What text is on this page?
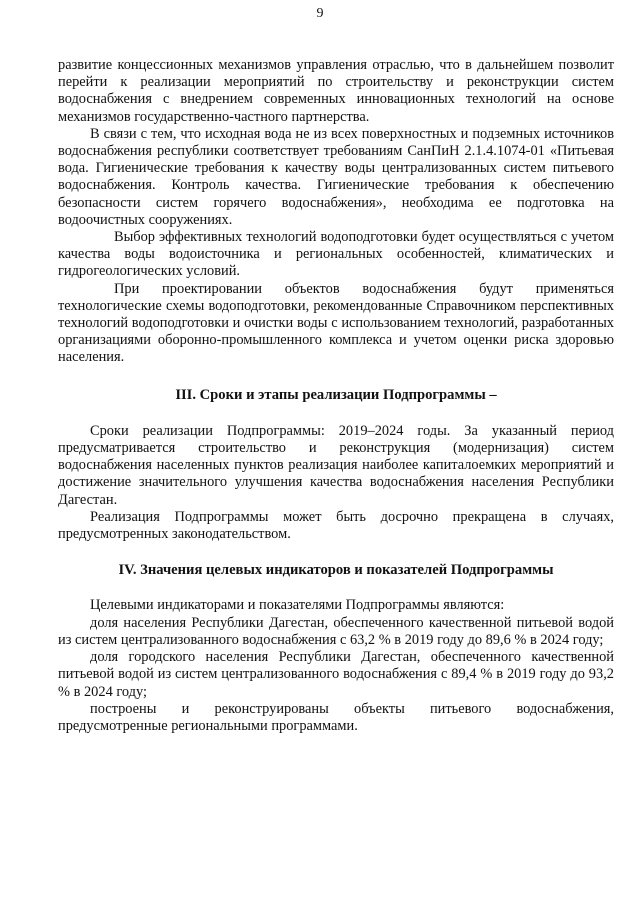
9

развитие концессионных механизмов управления отраслью, что в дальнейшем позволит перейти к реализации мероприятий по строительству и реконструкции систем водоснабжения с внедрением современных инновационных технологий на основе механизмов государственно-частного партнерства.

В связи с тем, что исходная вода не из всех поверхностных и подземных источников водоснабжения республики соответствует требованиям СанПиН 2.1.4.1074-01 «Питьевая вода. Гигиенические требования к качеству воды централизованных систем питьевого водоснабжения. Контроль качества. Гигиенические требования к обеспечению безопасности систем горячего водоснабжения», необходима ее подготовка на водоочистных сооружениях.

Выбор эффективных технологий водоподготовки будет осуществляться с учетом качества воды водоисточника и региональных особенностей, климатических и гидрогеологических условий.

При проектировании объектов водоснабжения будут применяться технологические схемы водоподготовки, рекомендованные Справочником перспективных технологий водоподготовки и очистки воды с использованием технологий, разработанных организациями оборонно-промышленного комплекса и учетом оценки риска здоровью населения.

III. Сроки и этапы реализации Подпрограммы –

Сроки реализации Подпрограммы: 2019–2024 годы. За указанный период предусматривается строительство и реконструкция (модернизация) систем водоснабжения населенных пунктов реализация наиболее капиталоемких мероприятий и достижение значительного улучшения качества водоснабжения населения Республики Дагестан.

Реализация Подпрограммы может быть досрочно прекращена в случаях, предусмотренных законодательством.

IV. Значения целевых индикаторов и показателей Подпрограммы

Целевыми индикаторами и показателями Подпрограммы являются:

доля населения Республики Дагестан, обеспеченного качественной питьевой водой из систем централизованного водоснабжения с 63,2 % в 2019 году до 89,6 % в 2024 году;

доля городского населения Республики Дагестан, обеспеченного качественной питьевой водой из систем централизованного водоснабжения с 89,4 % в 2019 году до 93,2 % в 2024 году;

построены и реконструированы объекты питьевого водоснабжения, предусмотренные региональными программами.
